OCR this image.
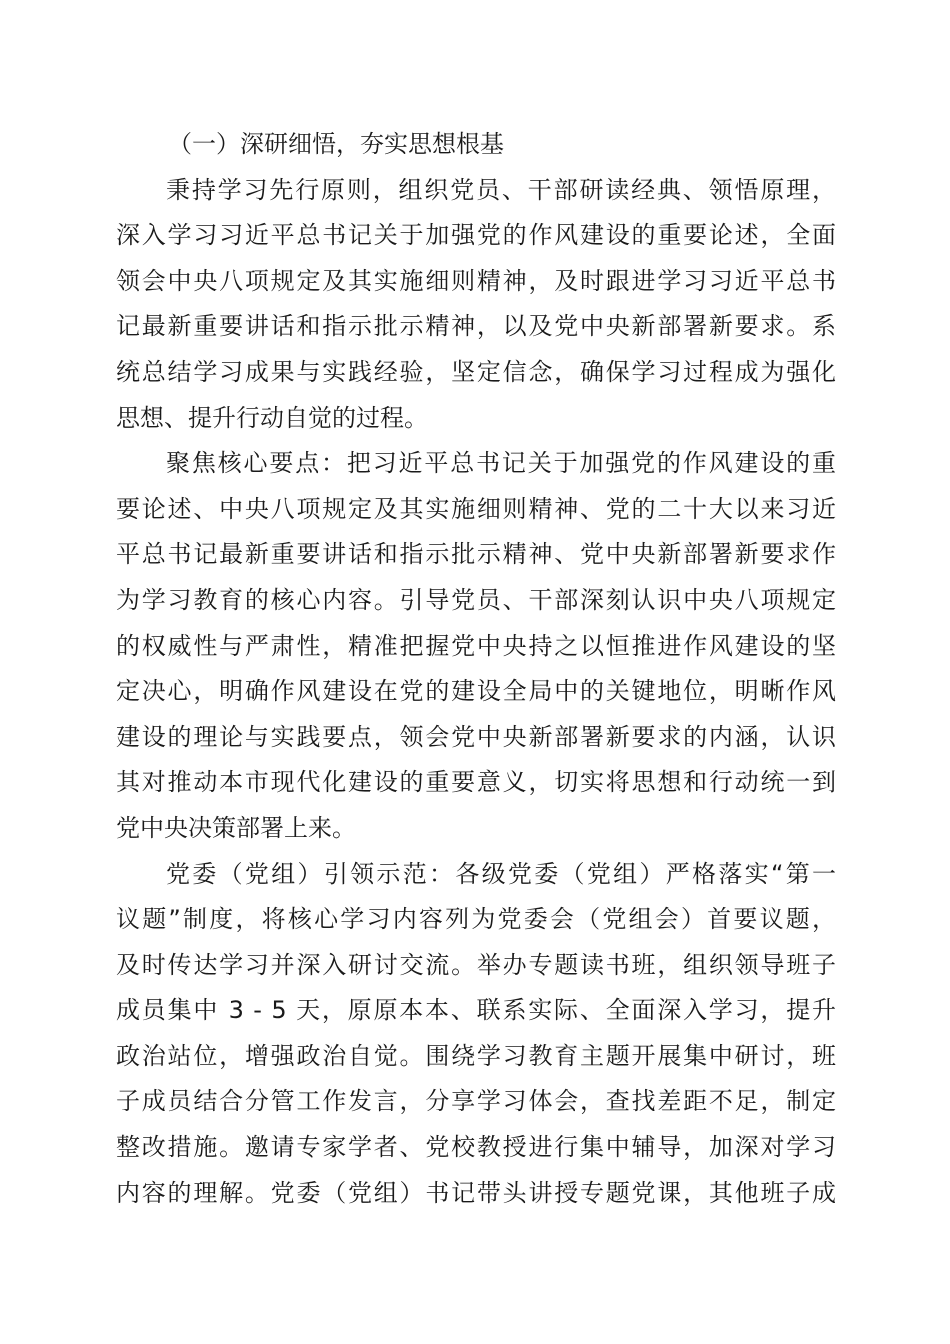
（一）深研细悟，夯实思想根基

秉持学习先行原则，组织党员、干部研读经典、领悟原理，
深入学习习近平总书记关于加强党的作风建设的重要论述，全面
领会中央八项规定及其实施细则精神，及时跟进学习习近平总书
记最新重要讲话和指示批示精神，以及党中央新部署新要求。系
统总结学习成果与实践经验，坚定信念，确保学习过程成为强化
思想、提升行动自觉的过程。
聚焦核心要点：把习近平总书记关于加强党的作风建设的重
要论述、中央八项规定及其实施细则精神、党的二十大以来习近
平总书记最新重要讲话和指示批示精神、党中央新部署新要求作
为学习教育的核心内容。引导党员、干部深刻认识中央八项规定
的权威性与严肃性，精准把握党中央持之以恒推进作风建设的坚
定决心，明确作风建设在党的建设全局中的关键地位，明晰作风
建设的理论与实践要点，领会党中央新部署新要求的内涵，认识
其对推动本市现代化建设的重要意义，切实将思想和行动统一到
党中央决策部署上来。
党委（党组）引领示范：各级党委（党组）严格落实“第一
议题”制度，将核心学习内容列为党委会（党组会）首要议题，
及时传达学习并深入研讨交流。举办专题读书班，组织领导班子
成员集中 3 - 5 天，原原本本、联系实际、全面深入学习，提升
政治站位，增强政治自觉。围绕学习教育主题开展集中研讨，班
子成员结合分管工作发言，分享学习体会，查找差距不足，制定
整改措施。邀请专家学者、党校教授进行集中辅导，加深对学习
内容的理解。党委（党组）书记带头讲授专题党课，其他班子成
